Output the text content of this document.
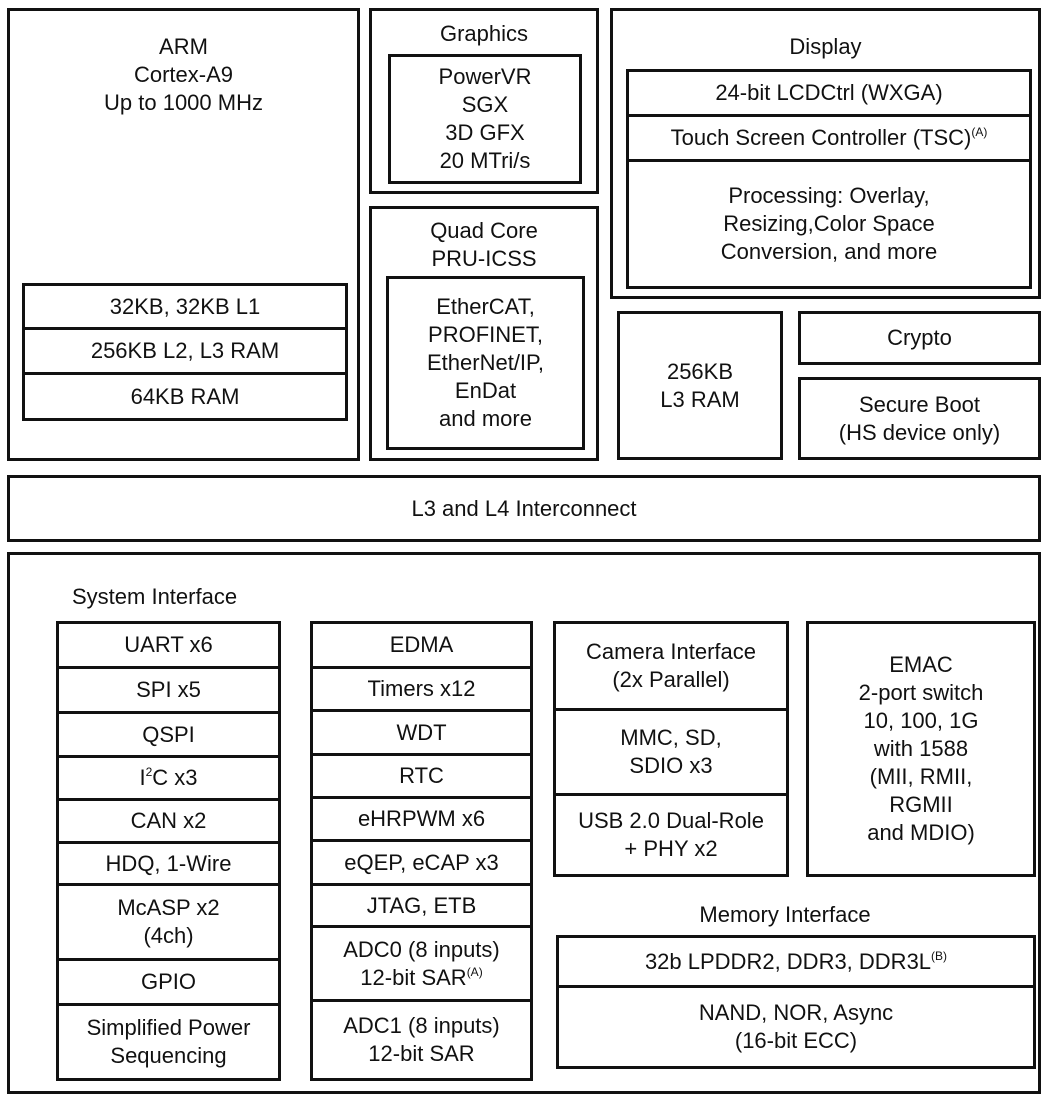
ARM
Cortex-A9
Up to 1000 MHz
32KB, 32KB L1
256KB L2, L3 RAM
64KB RAM
Graphics
PowerVR
SGX
3D GFX
20 MTri/s
Quad Core
PRU-ICSS
EtherCAT,
PROFINET,
EtherNet/IP,
EnDat
and more
Display
24-bit LCDCtrl (WXGA)
Touch Screen Controller (TSC)$^{(A)}$
Processing: Overlay,
Resizing,Color Space
Conversion, and more
256KB
L3 RAM
Crypto
Secure Boot
(HS device only)
L3 and L4 Interconnect
System Interface
UART x6
SPI x5
QSPI
$I^2$ C x3
CAN x2
HDQ, 1-Wire
McASP x2
(4ch)
GPIO
Simplified Power
Sequencing
EDMA
Timers x12
WDT
RTC
eHRPWM x6
eQEP, eCAP x3
JTAG, ETB
ADC0 (8 inputs)
12-bit $SAR^{(A)}$
ADC1 (8 inputs)
12-bit SAR
Camera Interface
(2x Parallel)
MMC, SD,
SDIO x3
USB 2.0 Dual-Role
+ PHY x2
EMAC
2-port switch
10, 100, 1G
with 1588
(MII, RMII,
RGMII
and MDIO)
Memory Interface
32b LPDDR2, DDR3, $DDR3L^{(B)}$
NAND, NOR, Async
(16-bit ECC)
